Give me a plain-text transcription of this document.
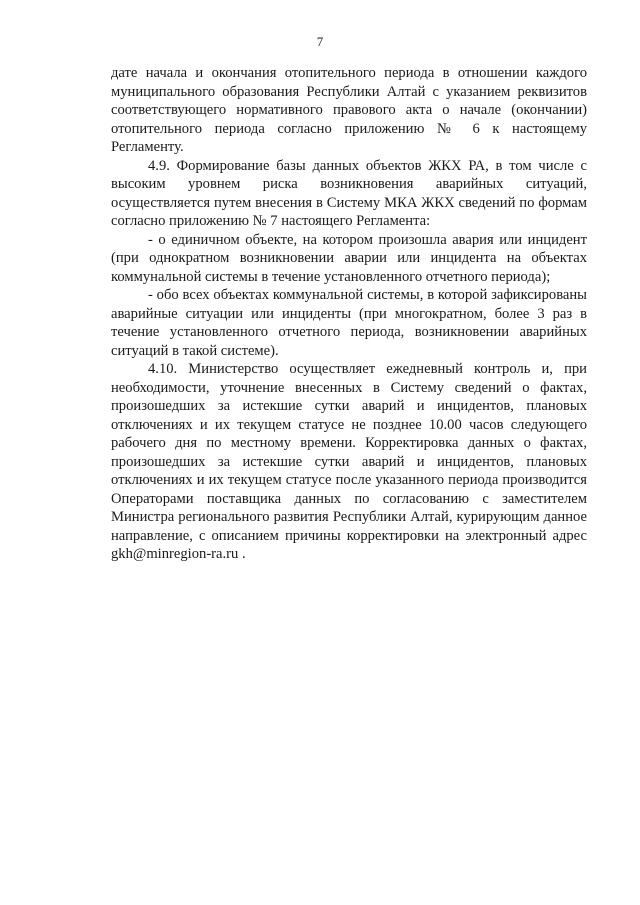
7

дате начала и окончания отопительного периода в отношении каждого муниципального образования Республики Алтай с указанием реквизитов соответствующего нормативного правового акта о начале (окончании) отопительного периода согласно приложению № 6 к настоящему Регламенту.

4.9. Формирование базы данных объектов ЖКХ РА, в том числе с высоким уровнем риска возникновения аварийных ситуаций, осуществляется путем внесения в Систему МКА ЖКХ сведений по формам согласно приложению № 7 настоящего Регламента:

- о единичном объекте, на котором произошла авария или инцидент (при однократном возникновении аварии или инцидента на объектах коммунальной системы в течение установленного отчетного периода);

- обо всех объектах коммунальной системы, в которой зафиксированы аварийные ситуации или инциденты (при многократном, более 3 раз в течение установленного отчетного периода, возникновении аварийных ситуаций в такой системе).

4.10. Министерство осуществляет ежедневный контроль и, при необходимости, уточнение внесенных в Систему сведений о фактах, произошедших за истекшие сутки аварий и инцидентов, плановых отключениях и их текущем статусе не позднее 10.00 часов следующего рабочего дня по местному времени. Корректировка данных о фактах, произошедших за истекшие сутки аварий и инцидентов, плановых отключениях и их текущем статусе после указанного периода производится Операторами поставщика данных по согласованию с заместителем Министра регионального развития Республики Алтай, курирующим данное направление, с описанием причины корректировки на электронный адрес gkh@minregion-ra.ru .
